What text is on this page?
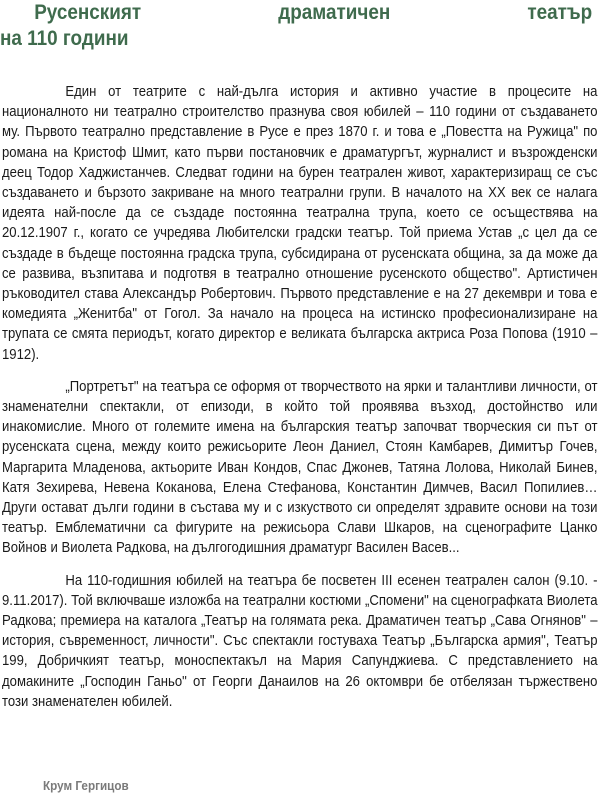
Русенският	драматичен	театър
на 110 години

Един от театрите с най-дълга история и активно участие в процесите на националното ни театрално строителство празнува своя юбилей – 110 години от създаването му. Първото театрално представление в Русе е през 1870 г. и това е „Повестта на Ружица" по романа на Кристоф Шмит, като първи постановчик е драматургът, журналист и възрожденски деец Тодор Хаджистанчев. Следват години на бурен театрален живот, характеризиращ се със създаването и бързото закриване на много театрални групи. В началото на ХХ век се налага идеята най-после да се създаде постоянна театрална трупа, което се осъществява на 20.12.1907 г., когато се учредява Любителски градски театър. Той приема Устав „с цел да се създаде в бъдеще постоянна градска трупа, субсидирана от русенската община, за да може да се развива, възпитава и подготвя в театрално отношение русенското общество". Артистичен ръководител става Александър Робертович. Първото представление е на 27 декември и това е комедията „Женитба" от Гогол. За начало на процеса на истинско професионализиране на трупата се смята периодът, когато директор е великата българска актриса Роза Попова (1910 – 1912).

„Портретът" на театъра се оформя от творчеството на ярки и талантливи личности, от знаменателни спектакли, от епизоди, в който той проявява възход, достойнство или инакомислие. Много от големите имена на българския театър започват творческия си път от русенската сцена, между които режисьорите Леон Даниел, Стоян Камбарев, Димитър Гочев, Маргарита Младенова, актьорите Иван Кондов, Спас Джонев, Татяна Лолова, Николай Бинев, Катя Зехирева, Невена Коканова, Елена Стефанова, Константин Димчев, Васил Попилиев… Други остават дълги години в състава му и с изкуството си определят здравите основи на този театър. Емблематични са фигурите на режисьора Слави Шкаров, на сценографите Цанко Войнов и Виолета Радкова, на дългогодишния драматург Василен Васев...

На 110-годишния юбилей на театъра бе посветен III есенен театрален салон (9.10. - 9.11.2017). Той включваше изложба на театрални костюми „Спомени" на сценографката Виолета Радкова; премиера на каталога „Театър на голямата река. Драматичен театър „Сава Огнянов" – история, съвременност, личности". Със спектакли гостуваха Театър „Българска армия", Театър 199, Добричкият театър, моноспектакъл на Мария Сапунджиева. С представлението на домакините „Господин Ганьо" от Георги Данаилов на 26 октомври бе отбелязан тържествено този знаменателен юбилей.

Крум Гергицов
